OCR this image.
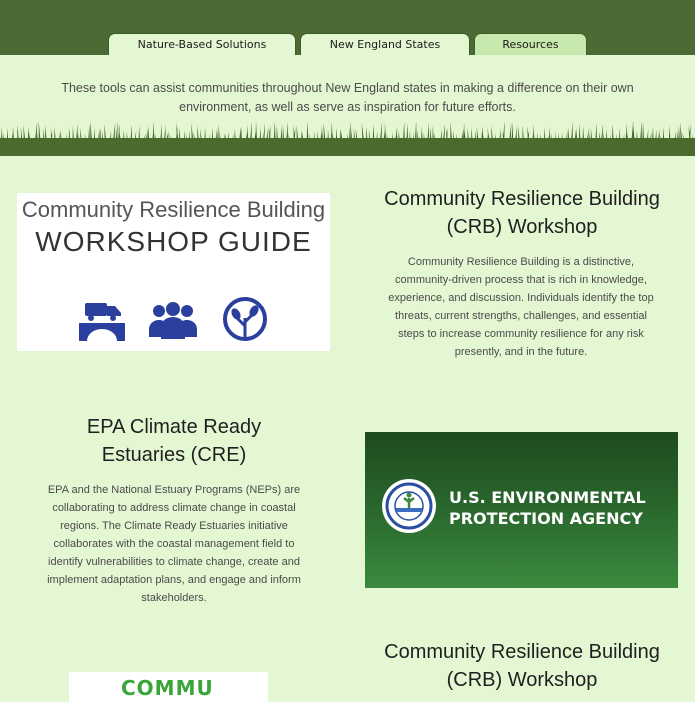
Nature-Based Solutions	New England States	Resources
These tools can assist communities throughout New England states in making a difference on their own environment, as well as serve as inspiration for future efforts.
Community Resilience Building
WORKSHOP GUIDE
Community Resilience Building (CRB) Workshop
Community Resilience Building is a distinctive, community-driven process that is rich in knowledge, experience, and discussion. Individuals identify the top threats, current strengths, challenges, and essential steps to increase community resilience for any risk presently, and in the future.
EPA Climate Ready Estuaries (CRE)
EPA and the National Estuary Programs (NEPs) are collaborating to address climate change in coastal regions. The Climate Ready Estuaries initiative collaborates with the coastal management field to identify vulnerabilities to climate change, create and implement adaptation plans, and engage and inform stakeholders.
U.S. ENVIRONMENTAL
PROTECTION AGENCY
COMMU
Community Resilience Building (CRB) Workshop
